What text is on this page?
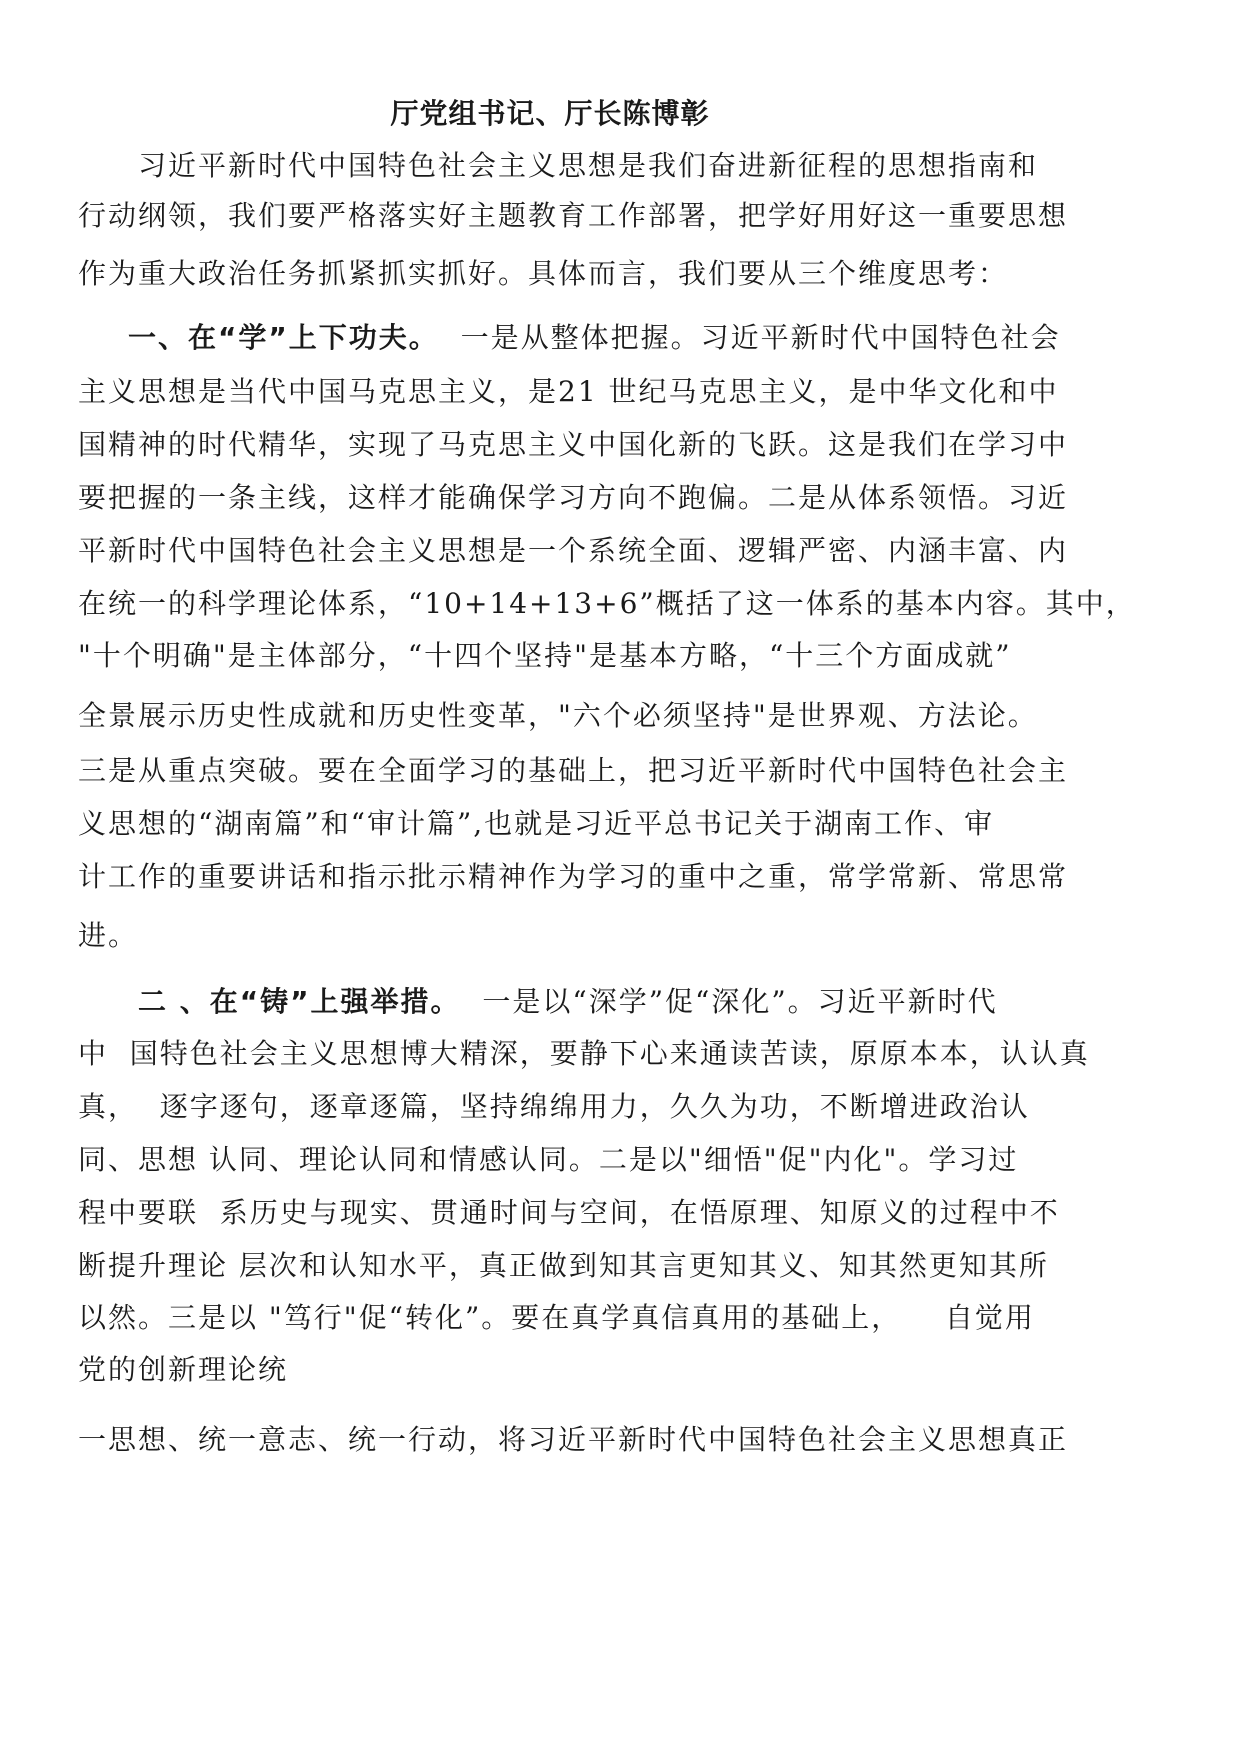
厅党组书记、厅长陈博彰
习近平新时代中国特色社会主义思想是我们奋进新征程的思想指南和
行动纲领，我们要严格落实好主题教育工作部署，把学好用好这一重要思想
作为重大政治任务抓紧抓实抓好。具体而言，我们要从三个维度思考：
一、在“学”上下功夫。 一是从整体把握。习近平新时代中国特色社会
主义思想是当代中国马克思主义，是21 世纪马克思主义，是中华文化和中
国精神的时代精华，实现了马克思主义中国化新的飞跃。这是我们在学习中
要把握的一条主线，这样才能确保学习方向不跑偏。二是从体系领悟。习近
平新时代中国特色社会主义思想是一个系统全面、逻辑严密、内涵丰富、内
在统一的科学理论体系，“10+14+13+6”概括了这一体系的基本内容。其中，
"十个明确"是主体部分，“十四个坚持"是基本方略，“十三个方面成就”
全景展示历史性成就和历史性变革，"六个必须坚持"是世界观、方法论。
三是从重点突破。要在全面学习的基础上，把习近平新时代中国特色社会主
义思想的“湖南篇”和“审计篇”,也就是习近平总书记关于湖南工作、审
计工作的重要讲话和指示批示精神作为学习的重中之重，常学常新、常思常
进。
二 、在“铸”上强举措。 一是以“深学”促“深化”。习近平新时代
中  国特色社会主义思想博大精深，要静下心来通读苦读，原原本本，认认真
真，  逐字逐句，逐章逐篇，坚持绵绵用力，久久为功，不断增进政治认
同、思想 认同、理论认同和情感认同。二是以"细悟"促"内化"。学习过
程中要联  系历史与现实、贯通时间与空间，在悟原理、知原义的过程中不
断提升理论 层次和认知水平，真正做到知其言更知其义、知其然更知其所
以然。三是以 "笃行"促“转化”。要在真学真信真用的基础上，    自觉用
党的创新理论统
一思想、统一意志、统一行动，将习近平新时代中国特色社会主义思想真正
